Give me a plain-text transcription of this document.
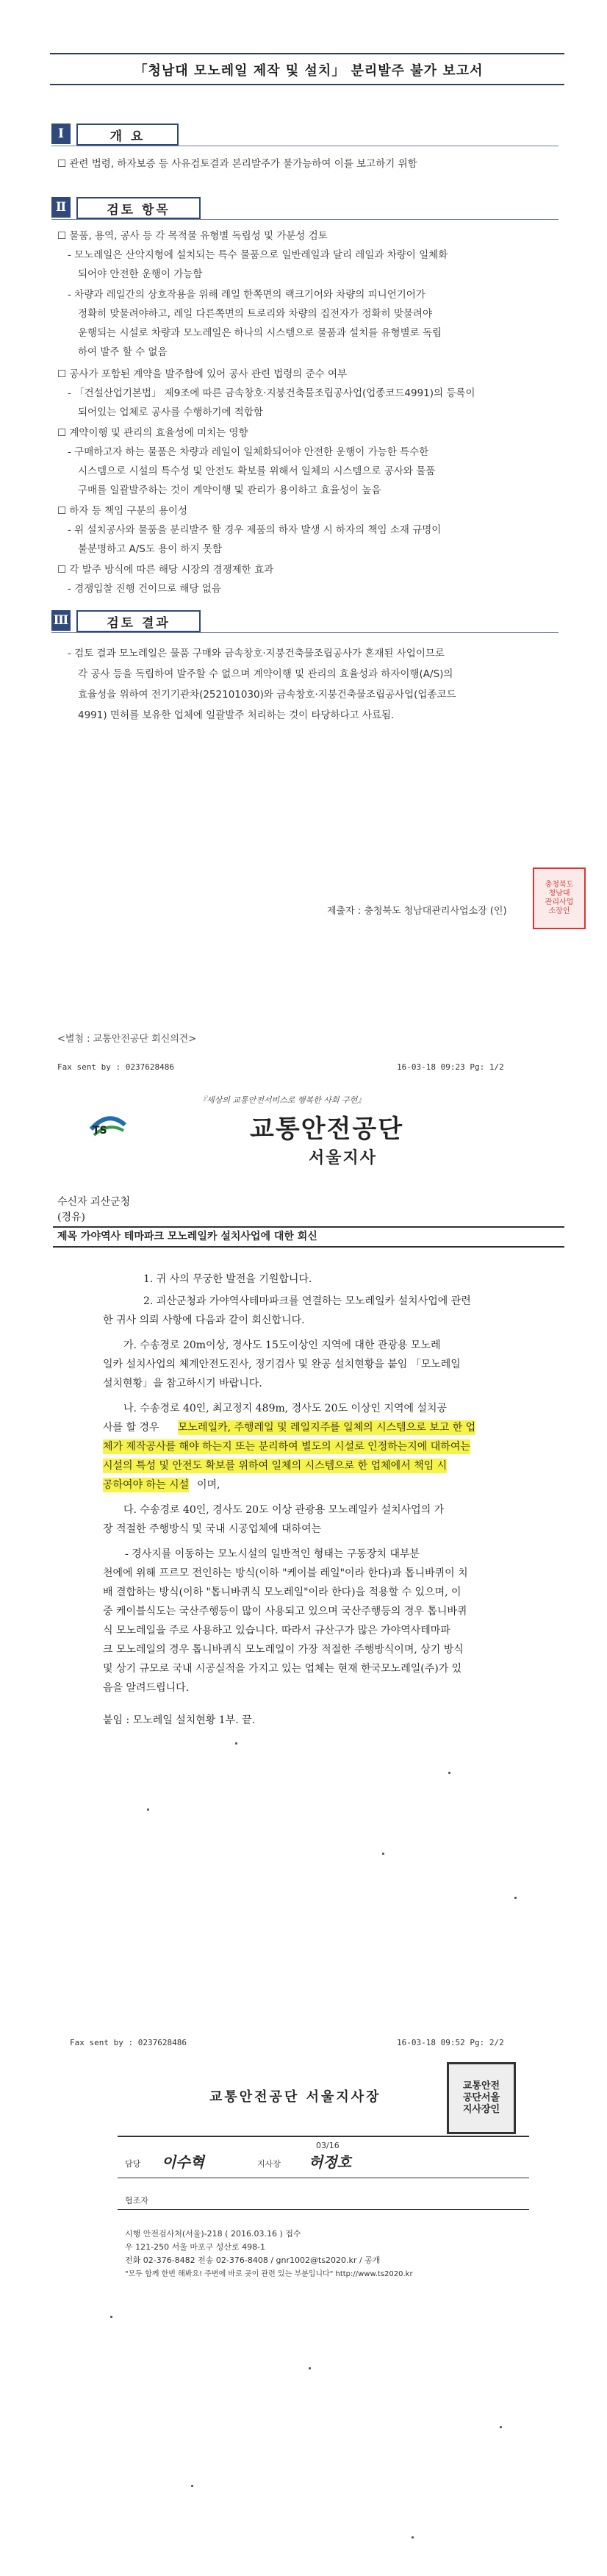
「청남대 모노레일 제작 및 설치」 분리발주 불가 보고서
Ⅰ	개 요
☐ 관련 법령, 하자보증 등 사유검토결과 본리발주가 불가능하여 이를 보고하기 위함
Ⅱ	검토 항목
☐ 물품, 용역, 공사 등 각 목적물 유형별 독립성 및 가분성 검토
- 모노레일은 산악지형에 설치되는 특수 물품으로 일반레일과 달리 레일과 차량이 일체화
되어야 안전한 운행이 가능함
- 차량과 레일간의 상호작용을 위해 레일 한쪽면의 랙크기어와 차량의 피니언기어가
정확히 맞물려야하고, 레일 다른쪽면의 트로리와 차량의 집전자가 정확히 맞물려야
운행되는 시설로 차량과 모노레일은 하나의 시스템으로 물품과 설치를 유형별로 독립
하여 발주 할 수 없음
☐ 공사가 포함된 계약을 발주함에 있어 공사 관련 법령의 준수 여부
- 「건설산업기본법」 제9조에 따른 금속창호·지붕건축물조립공사업(업종코드4991)의 등록이
되어있는 업체로 공사를 수행하기에 적합함
☐ 계약이행 및 관리의 효율성에 미치는 영향
- 구매하고자 하는 물품은 차량과 레일이 일체화되어야 안전한 운행이 가능한 특수한
시스템으로 시설의 특수성 및 안전도 확보를 위해서 일체의 시스템으로 공사와 물품
구매를 일괄발주하는 것이 계약이행 및 관리가 용이하고 효율성이 높음
☐ 하자 등 책임 구분의 용이성
- 위 설치공사와 물품을 분리발주 할 경우 제품의 하자 발생 시 하자의 책임 소재 규명이
불분명하고 A/S도 용이 하지 못함
☐ 각 발주 방식에 따른 해당 시장의 경쟁제한 효과
- 경쟁입찰 진행 건이므로 해당 없음
Ⅲ	검토 결과
- 검토 결과 모노레일은 물품 구매와 금속창호·지붕건축물조립공사가 혼재된 사업이므로
각 공사 등을 독립하여 발주할 수 없으며 계약이행 및 관리의 효율성과 하자이행(A/S)의
효율성을 위하여 전기기관차(252101030)와 금속창호·지붕건축물조립공사업(업종코드
4991) 면허를 보유한 업체에 일괄발주 처리하는 것이 타당하다고 사료됨.
제출자 : 충청북도 청남대관리사업소장 (인)
충청북도
청남대
관리사업
소장인
<별첨 : 교통안전공단 회신의견>
Fax sent by : 0237628486	16-03-18 09:23 Pg: 1/2
『세상의 교통안전서비스로 행복한 사회 구현』
TS	교통안전공단
서울지사
수신자 괴산군청
(경유)
제목 가야역사 테마파크 모노레일카 설치사업에 대한 회신
1. 귀 사의 무궁한 발전을 기원합니다.
2. 괴산군청과 가야역사테마파크를 연결하는 모노레일카 설치사업에 관련
한 귀사 의뢰 사항에 다음과 같이 회신합니다.
가. 수송경로 20m이상, 경사도 15도이상인 지역에 대한 관광용 모노레
일카 설치사업의 체계안전도진사, 정기검사 및 완공 설치현황을 붙임 「모노레일
설치현황」을 참고하시기 바랍니다.
나. 수송경로 40인, 최고정지 489m, 경사도 20도 이상인 지역에 설치공
사를 할 경우 모노레일카, 주행레일 및 레일지주를 일체의 시스템으로 보고 한 업
체가 제작공사를 해야 하는지 또는 분리하여 별도의 시설로 인정하는지에 대하여는
시설의 특성 및 안전도 확보를 위하여 일체의 시스템으로 한 업체에서 책임 시
공하여야 하는 시설 이며,
다. 수송경로 40인, 경사도 20도 이상 관광용 모노레일카 설치사업의 가
장 적절한 주행방식 및 국내 시공업체에 대하여는
- 경사지를 이동하는 모노시설의 일반적인 형태는 구동장치 대부분
천에에 위해 프르모 전인하는 방식(이하 "케이블 레일"이라 한다)과 톱니바퀴이 치
배 결합하는 방식(이하 "톱니바퀴식 모노레일"이라 한다)을 적용할 수 있으며, 이
중 케이블식도는 국산주행등이 많이 사용되고 있으며 국산주행등의 경우 톱니바퀴
식 모노레일을 주로 사용하고 있습니다. 따라서 규산구가 많은 가야역사테마파
크 모노레일의 경우 톱니바퀴식 모노레일이 가장 적절한 주행방식이며, 상기 방식
및 상기 규모로 국내 시공실적을 가지고 있는 업체는 현재 한국모노레일(주)가 있
음을 알려드립니다.
붙임 : 모노레일 설치현황 1부. 끝.
Fax sent by : 0237628486	16-03-18 09:52 Pg: 2/2
교통안전공단 서울지사장
교통안전
공단서울
지사장인
담당 이수혁	지사장
03/16
허정호
협조자
시행 안전검사처(서울)-218 ( 2016.03.16 ) 접수
우 121-250 서울 마포구 성산로 498-1
전화 02-376-8482 전송 02-376-8408 / gnr1002@ts2020.kr / 공개
"모두 함께 한번 해봐요! 주변에 바로 곳이 관련 있는 부분입니다" http://www.ts2020.kr
